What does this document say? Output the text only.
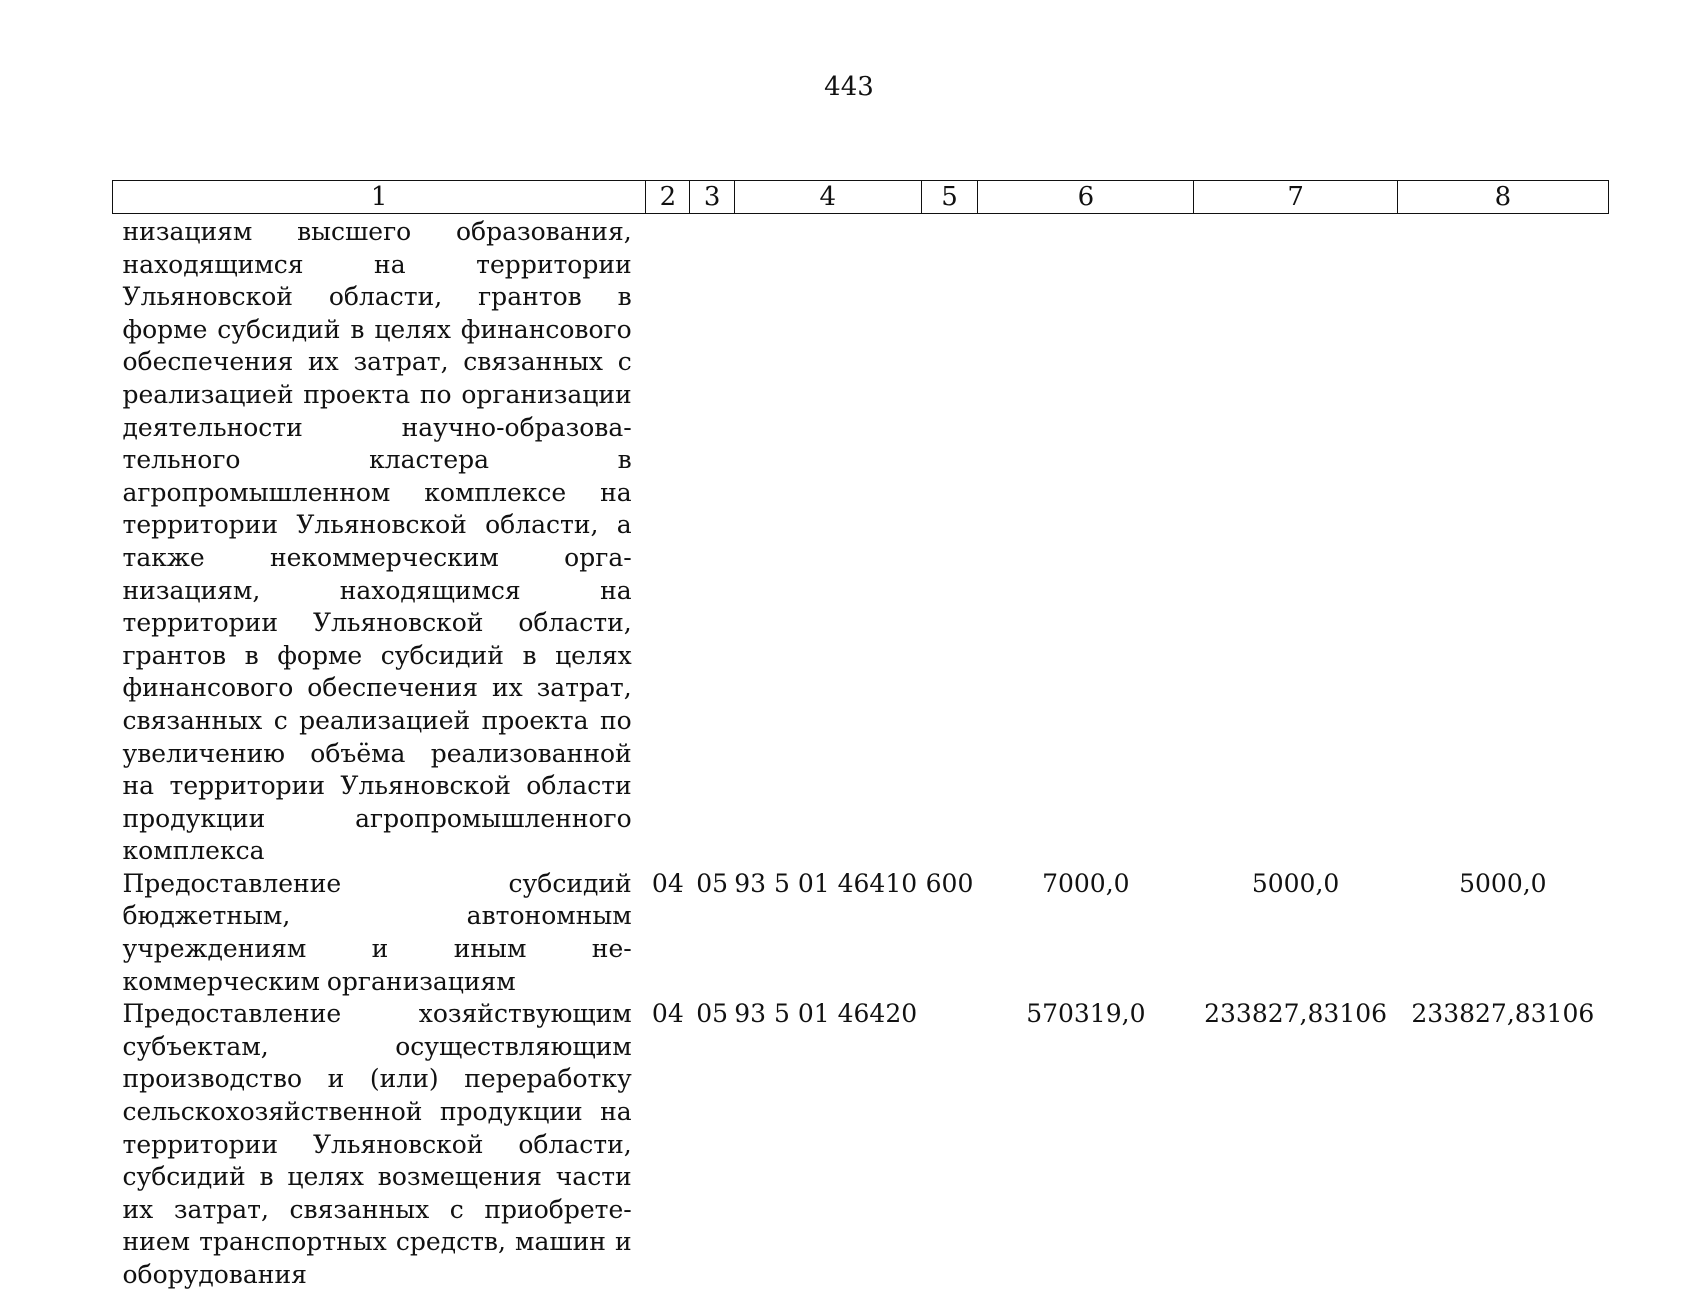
443
1	2	3	4	5	6	7	8
низациям высшего образования, находящимся на территории Ульяновской области, грантов в форме субсидий в целях финансового обеспечения их затрат, связанных с реализацией проекта по организации деятельности научно-образовательного кластера в агропромышленном комплексе на территории Ульяновской области, а также некоммерческим организациям, находящимся на территории Ульяновской области, грантов в форме субсидий в целях финансового обеспечения их затрат, связанных с реализацией проекта по увеличению объёма реализованной на территории Ульяновской области продукции агропромышленного комплекса							
Предоставление субсидий бюджетным, автономным учреждениям и иным некоммерческим организациям	04	05	93 5 01 46410	600	7000,0	5000,0	5000,0
Предоставление хозяйствующим субъектам, осуществляющим производство и (или) переработку сельскохозяйственной продукции на территории Ульяновской области, субсидий в целях возмещения части их затрат, связанных с приобретением транспортных средств, машин и оборудования	04	05	93 5 01 46420		570319,0	233827,83106	233827,83106
